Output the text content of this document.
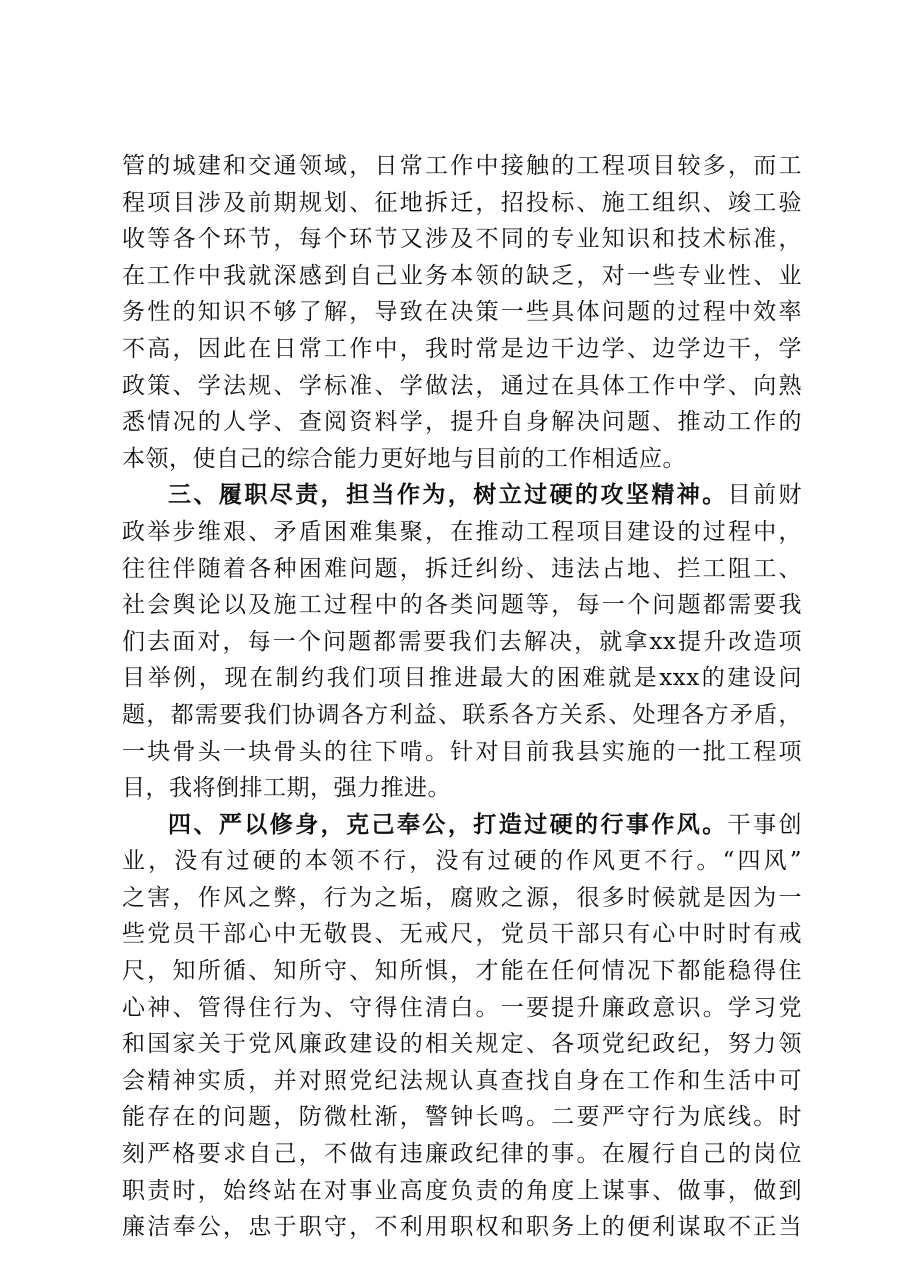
管的城建和交通领域，日常工作中接触的工程项目较多，而工
程项目涉及前期规划、征地拆迁，招投标、施工组织、竣工验
收等各个环节，每个环节又涉及不同的专业知识和技术标准，
在工作中我就深感到自己业务本领的缺乏，对一些专业性、业
务性的知识不够了解，导致在决策一些具体问题的过程中效率
不高，因此在日常工作中，我时常是边干边学、边学边干，学
政策、学法规、学标准、学做法，通过在具体工作中学、向熟
悉情况的人学、查阅资料学，提升自身解决问题、推动工作的
本领，使自己的综合能力更好地与目前的工作相适应。
三、履职尽责，担当作为，树立过硬的攻坚精神。目前财
政举步维艰、矛盾困难集聚，在推动工程项目建设的过程中，
往往伴随着各种困难问题，拆迁纠纷、违法占地、拦工阻工、
社会舆论以及施工过程中的各类问题等，每一个问题都需要我
们去面对，每一个问题都需要我们去解决，就拿xx提升改造项
目举例，现在制约我们项目推进最大的困难就是xxx的建设问
题，都需要我们协调各方利益、联系各方关系、处理各方矛盾，
一块骨头一块骨头的往下啃。针对目前我县实施的一批工程项
目，我将倒排工期，强力推进。
四、严以修身，克己奉公，打造过硬的行事作风。干事创
业，没有过硬的本领不行，没有过硬的作风更不行。“四风”
之害，作风之弊，行为之垢，腐败之源，很多时候就是因为一
些党员干部心中无敬畏、无戒尺，党员干部只有心中时时有戒
尺，知所循、知所守、知所惧，才能在任何情况下都能稳得住
心神、管得住行为、守得住清白。一要提升廉政意识。学习党
和国家关于党风廉政建设的相关规定、各项党纪政纪，努力领
会精神实质，并对照党纪法规认真查找自身在工作和生活中可
能存在的问题，防微杜渐，警钟长鸣。二要严守行为底线。时
刻严格要求自己，不做有违廉政纪律的事。在履行自己的岗位
职责时，始终站在对事业高度负责的角度上谋事、做事，做到
廉洁奉公，忠于职守，不利用职权和职务上的便利谋取不正当
